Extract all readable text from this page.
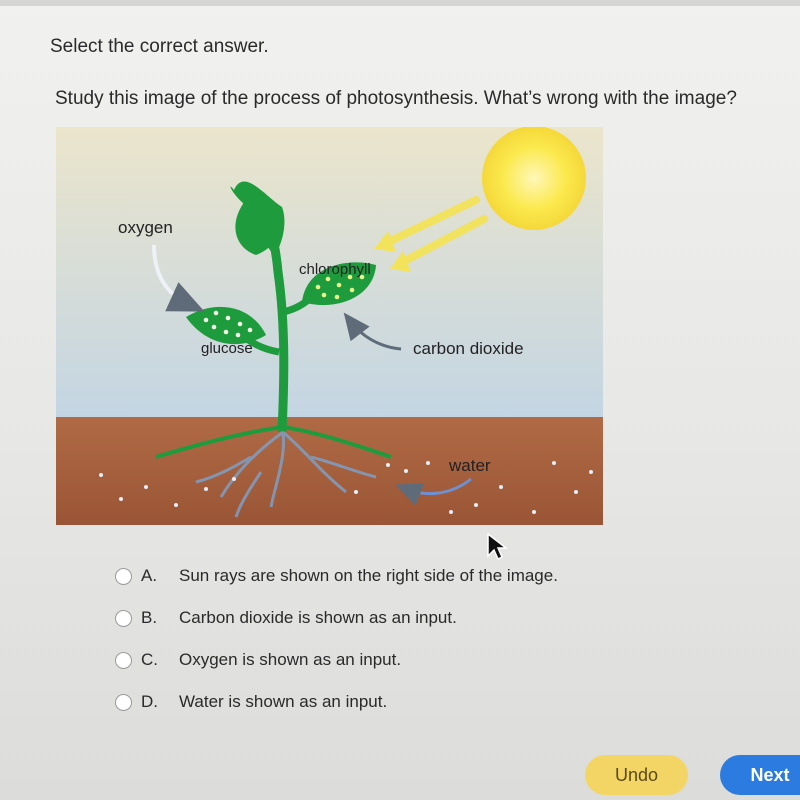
Select the correct answer.
Study this image of the process of photosynthesis. What’s wrong with the image?
oxygen
chlorophyll
glucose	carbon dioxide
water
A.	Sun rays are shown on the right side of the image.
B.	Carbon dioxide is shown as an input.
C.	Oxygen is shown as an input.
D.	Water is shown as an input.
Undo	Next
